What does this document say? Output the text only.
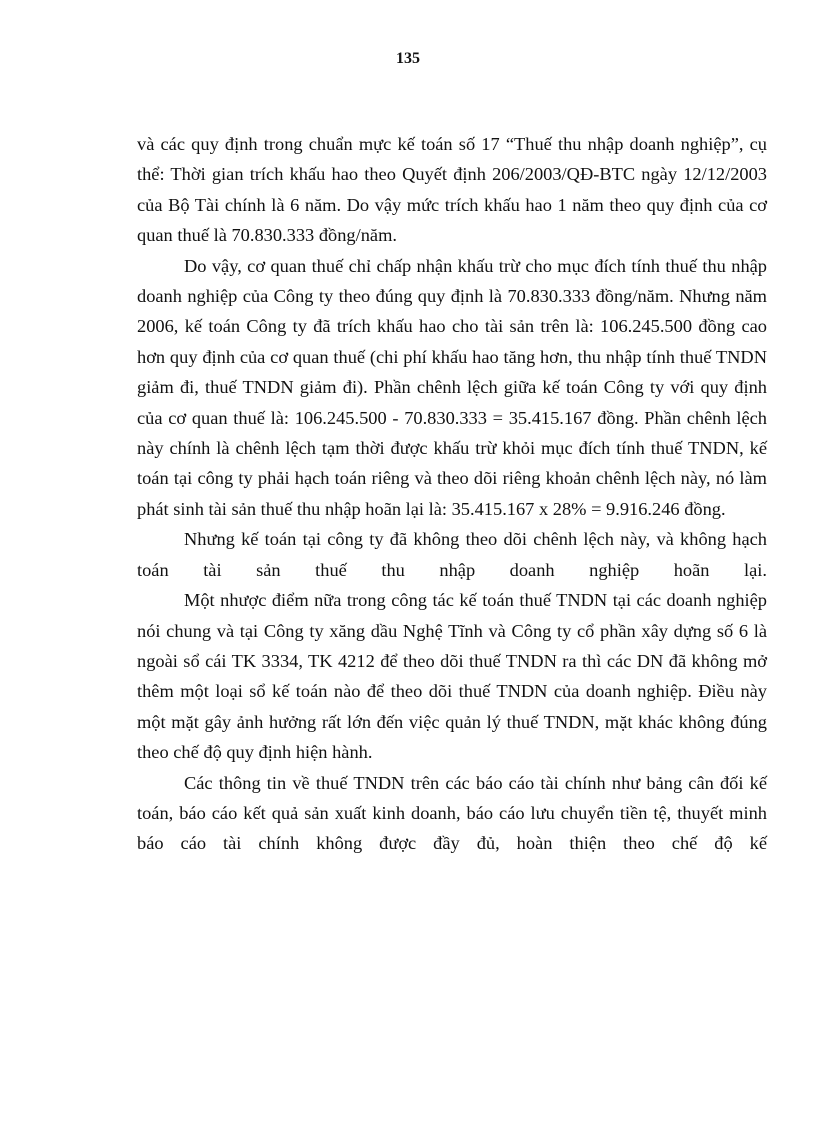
135

và các quy định trong chuẩn mực kế toán số 17 “Thuế thu nhập doanh nghiệp”, cụ thể: Thời gian trích khấu hao theo Quyết định 206/2003/QĐ-BTC ngày 12/12/2003 của Bộ Tài chính là 6 năm. Do vậy mức trích khấu hao 1 năm theo quy định của cơ quan thuế là 70.830.333 đồng/năm.

Do vậy, cơ quan thuế chỉ chấp nhận khấu trừ cho mục đích tính thuế thu nhập doanh nghiệp của Công ty theo đúng quy định là 70.830.333 đồng/năm. Nhưng năm 2006, kế toán Công ty đã trích khấu hao cho tài sản trên là: 106.245.500 đồng cao hơn quy định của cơ quan thuế (chi phí khấu hao tăng hơn, thu nhập tính thuế TNDN giảm đi, thuế TNDN giảm đi). Phần chênh lệch giữa kế toán Công ty với quy định của cơ quan thuế là: 106.245.500 - 70.830.333 = 35.415.167 đồng. Phần chênh lệch này chính là chênh lệch tạm thời được khấu trừ khỏi mục đích tính thuế TNDN, kế toán tại công ty phải hạch toán riêng và theo dõi riêng khoản chênh lệch này, nó làm phát sinh tài sản thuế thu nhập hoãn lại là: 35.415.167 x 28% = 9.916.246 đồng.

Nhưng kế toán tại công ty đã không theo dõi chênh lệch này, và không hạch toán tài sản thuế thu nhập doanh nghiệp hoãn lại.

Một nhược điểm nữa trong công tác kế toán thuế TNDN tại các doanh nghiệp nói chung và tại Công ty xăng dầu Nghệ Tĩnh và Công ty cổ phần xây dựng số 6 là ngoài sổ cái TK 3334, TK 4212 để theo dõi thuế TNDN ra thì các DN đã không mở thêm một loại sổ kế toán nào để theo dõi thuế TNDN của doanh nghiệp. Điều này một mặt gây ảnh hưởng rất lớn đến việc quản lý thuế TNDN, mặt khác không đúng theo chế độ quy định hiện hành.

Các thông tin về thuế TNDN trên các báo cáo tài chính như bảng cân đối kế toán, báo cáo kết quả sản xuất kinh doanh, báo cáo lưu chuyển tiền tệ, thuyết minh báo cáo tài chính không được đầy đủ, hoàn thiện theo chế độ kế
